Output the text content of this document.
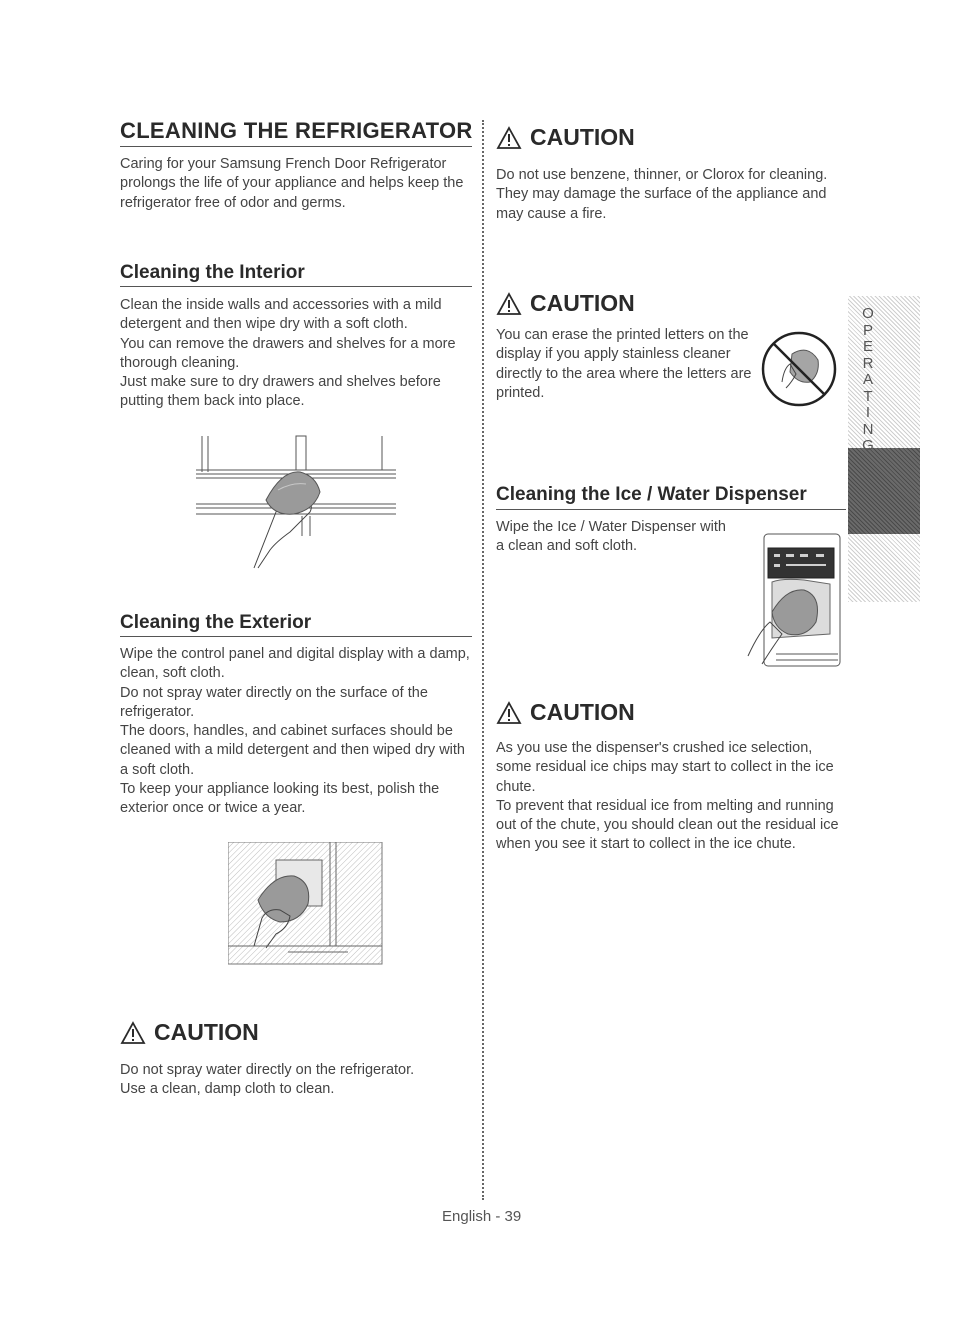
CLEANING THE REFRIGERATOR
Caring for your Samsung French Door Refrigerator prolongs the life of your appliance and helps keep the refrigerator free of odor and germs.
Cleaning the Interior

Clean the inside walls and accessories with a mild detergent and then wipe dry with a soft cloth.

You can remove the drawers and shelves for a more thorough cleaning.

Just make sure to dry drawers and shelves before putting them back into place.

Cleaning the Exterior

Wipe the control panel and digital display with a damp, clean, soft cloth.

Do not spray water directly on the surface of the refrigerator.

The doors, handles, and cabinet surfaces should be cleaned with a mild detergent and then wiped dry with a soft cloth.

To keep your appliance looking its best, polish the exterior once or twice a year.

CAUTION

Do not spray water directly on the refrigerator.

Use a clean, damp cloth to clean.

CAUTION

Do not use benzene, thinner, or Clorox for cleaning.

They may damage the surface of the appliance and may cause a fire.

CAUTION
You can erase the printed letters on the display if you apply stainless cleaner directly to the area where the letters are printed.
Cleaning the Ice / Water Dispenser
Wipe the Ice / Water Dispenser with a clean and soft cloth.
CAUTION

As you use the dispenser's crushed ice selection, some residual ice chips may start to collect in the ice chute.

To prevent that residual ice from melting and running out of the chute, you should clean out the residual ice when you see it start to collect in the ice chute.

O
P
E
R
A
T
I
N
G
English - 39
